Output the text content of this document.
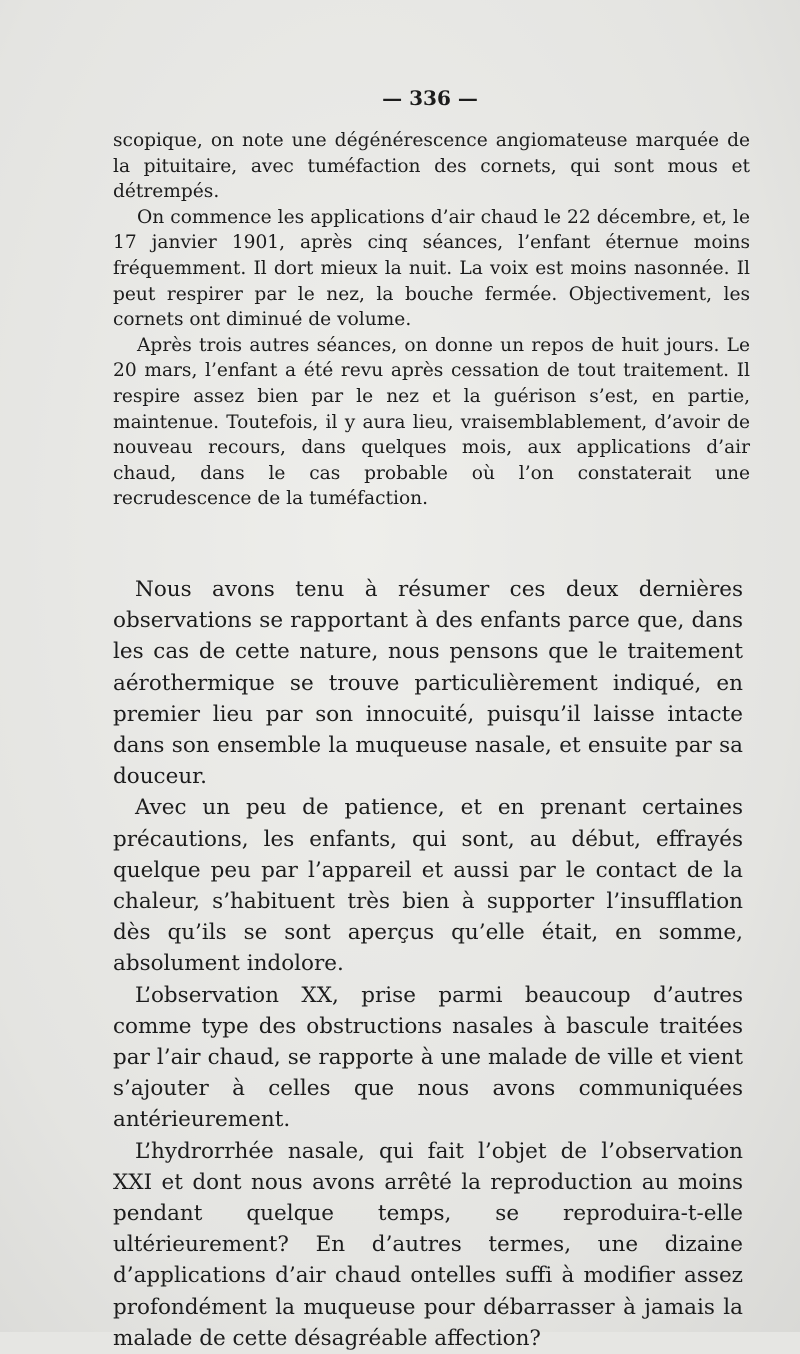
— 336 —

scopique, on note une dégénérescence angiomateuse marquée de la pituitaire, avec tuméfaction des cornets, qui sont mous et détrempés.

On commence les applications d’air chaud le 22 décembre, et, le 17 janvier 1901, après cinq séances, l’enfant éternue moins fréquemment. Il dort mieux la nuit. La voix est moins nasonnée. Il peut respirer par le nez, la bouche fermée. Objectivement, les cornets ont diminué de volume.

Après trois autres séances, on donne un repos de huit jours. Le 20 mars, l’enfant a été revu après cessation de tout traitement. Il respire assez bien par le nez et la guérison s’est, en partie, maintenue. Toutefois, il y aura lieu, vraisemblablement, d’avoir de nouveau recours, dans quelques mois, aux applications d’air chaud, dans le cas probable où l’on constaterait une recrudescence de la tuméfaction.

Nous avons tenu à résumer ces deux dernières observations se rapportant à des enfants parce que, dans les cas de cette nature, nous pensons que le traitement aérothermique se trouve particulièrement indiqué, en premier lieu par son innocuité, puisqu’il laisse intacte dans son ensemble la muqueuse nasale, et ensuite par sa douceur.

Avec un peu de patience, et en prenant certaines précautions, les enfants, qui sont, au début, effrayés quelque peu par l’appareil et aussi par le contact de la chaleur, s’habituent très bien à supporter l’insufflation dès qu’ils se sont aperçus qu’elle était, en somme, absolument indolore.

L’observation XX, prise parmi beaucoup d’autres comme type des obstructions nasales à bascule traitées par l’air chaud, se rapporte à une malade de ville et vient s’ajouter à celles que nous avons communiquées antérieurement.

L’hydrorrhée nasale, qui fait l’objet de l’observation XXI et dont nous avons arrêté la reproduction au moins pendant quelque temps, se reproduira-t-elle ultérieurement? En d’autres termes, une dizaine d’applications d’air chaud ontelles suffi à modifier assez profondément la muqueuse pour débarrasser à jamais la malade de cette désagréable affection?
